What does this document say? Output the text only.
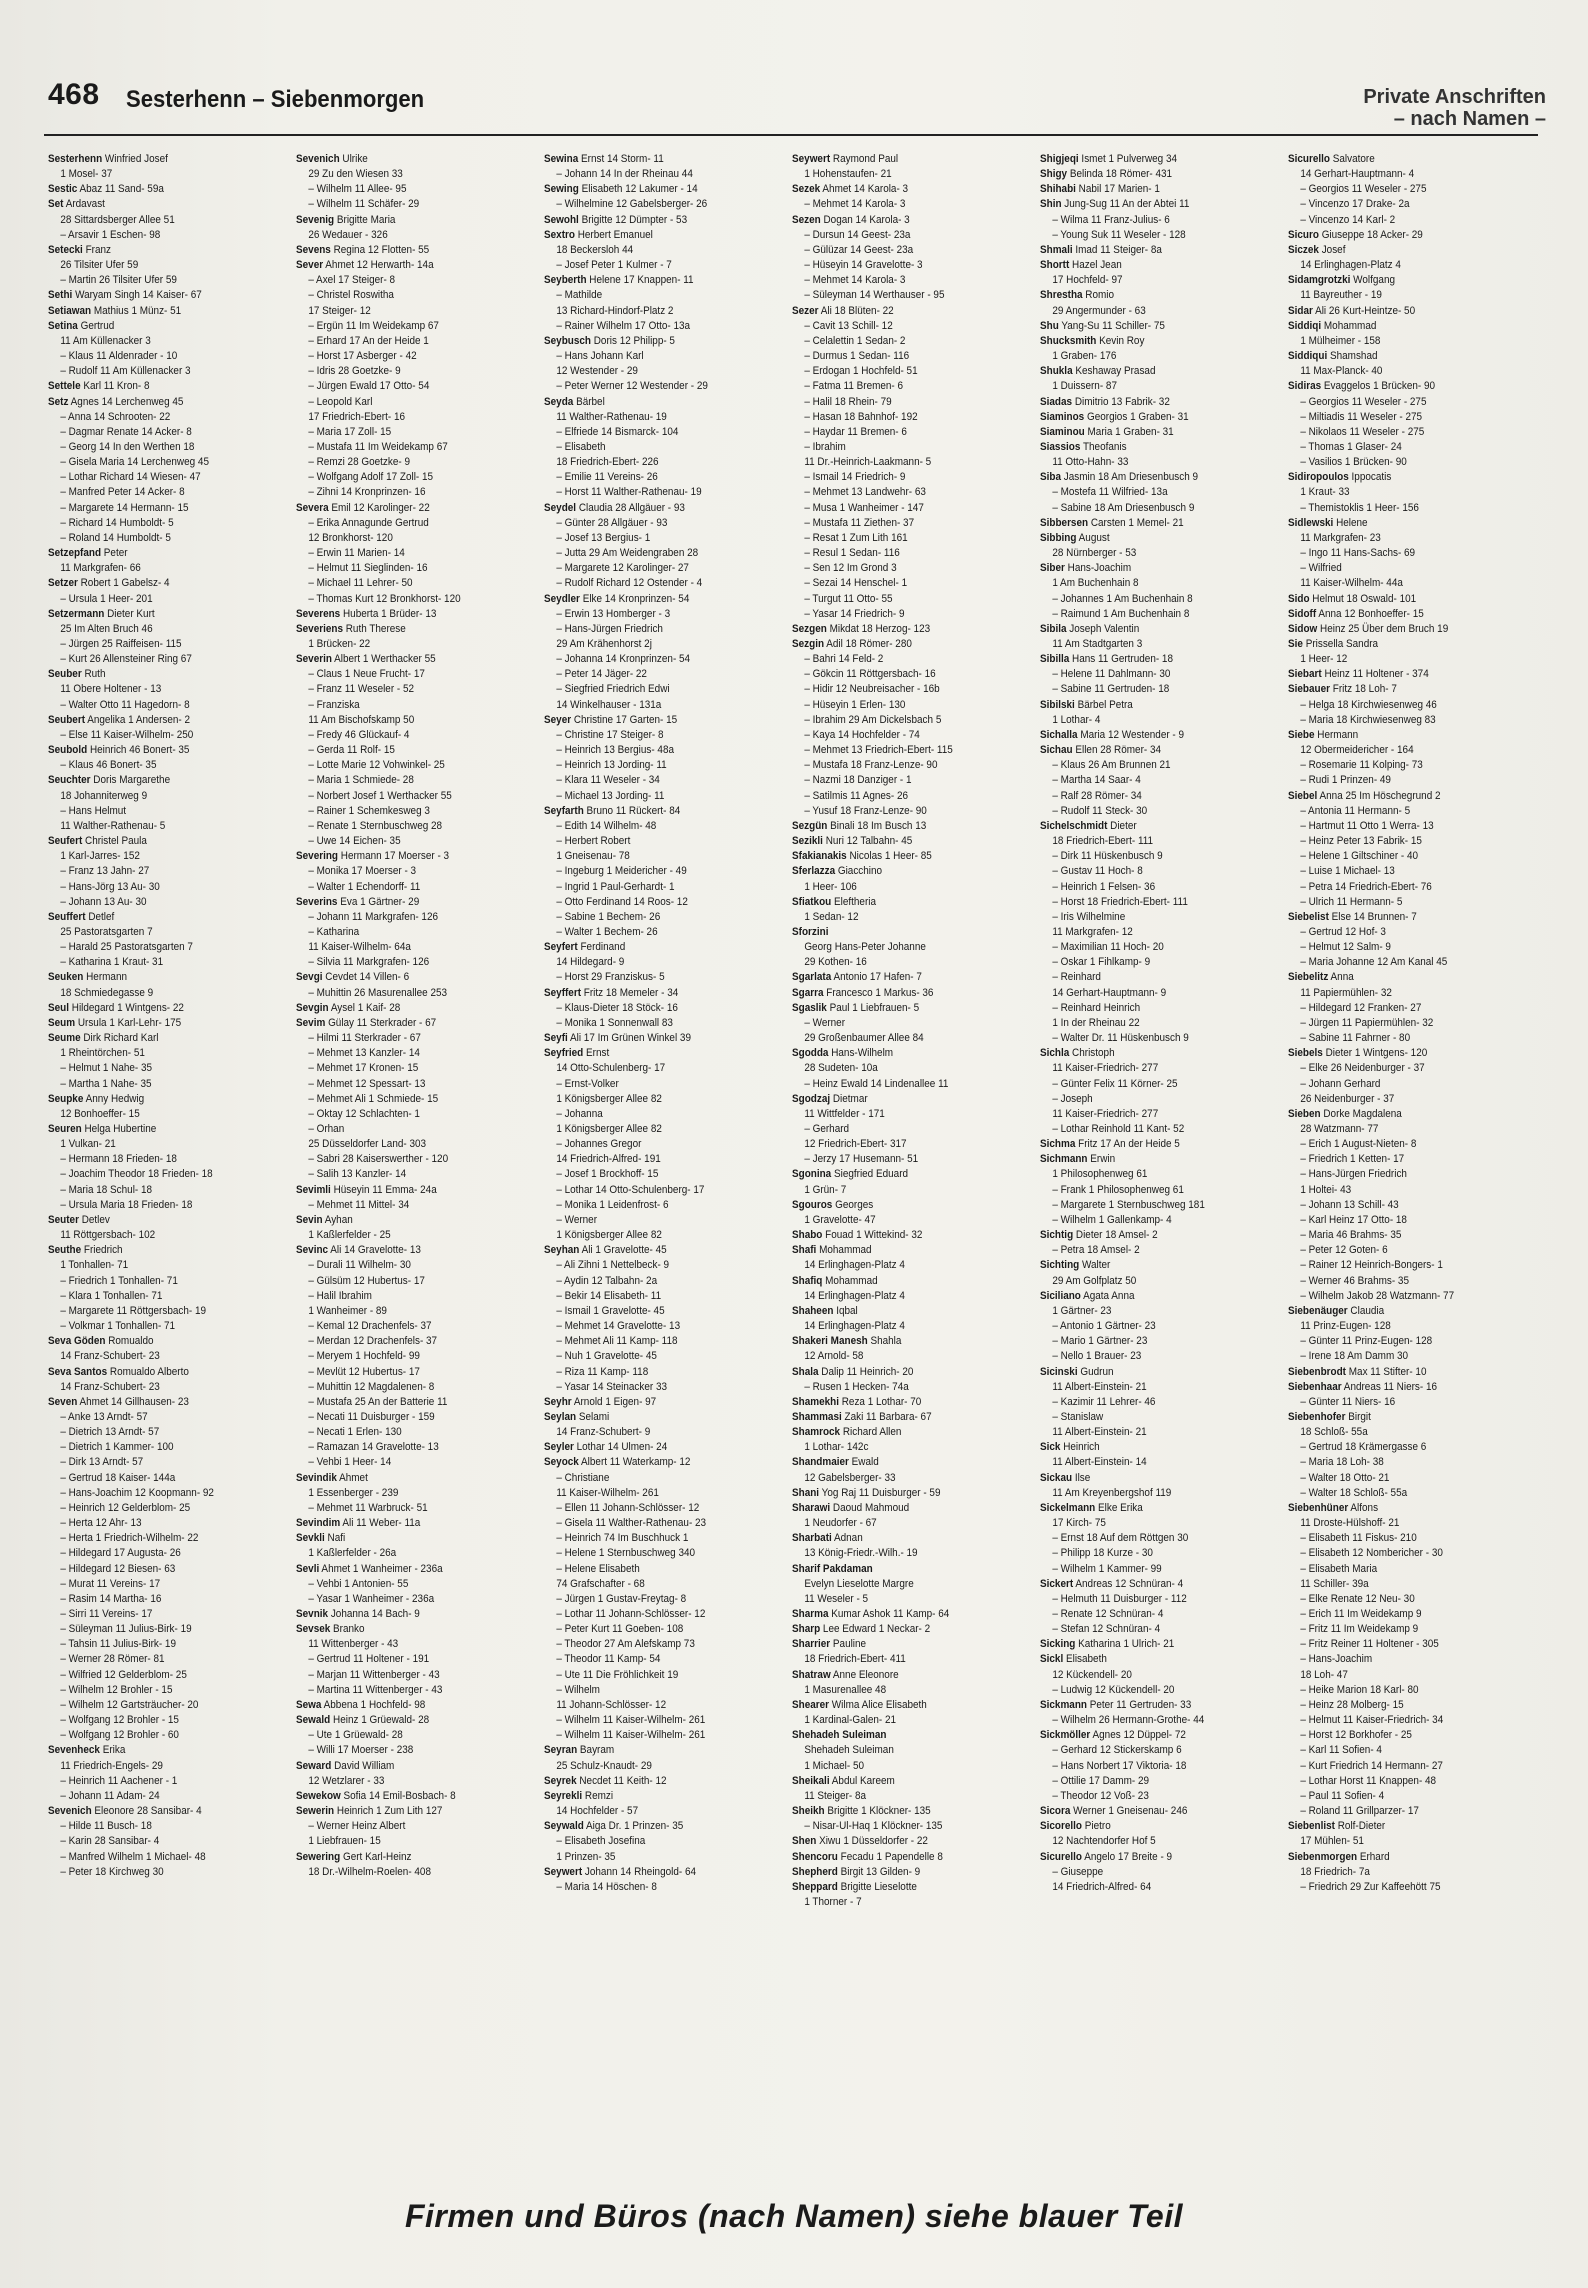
468 Sesterhenn – Siebenmorgen	Private Anschriften
– nach Namen –
Sesterhenn Winfried Josef
1 Mosel- 37
Sestic Abaz 11 Sand- 59a
Set Ardavast
28 Sittardsberger Allee 51
– Arsavir 1 Eschen- 98
Setecki Franz
26 Tilsiter Ufer 59
– Martin 26 Tilsiter Ufer 59
Sethi Waryam Singh 14 Kaiser- 67
Setiawan Mathius 1 Münz- 51
Setina Gertrud
11 Am Küllenacker 3
– Klaus 11 Aldenrader - 10
– Rudolf 11 Am Küllenacker 3
Settele Karl 11 Kron- 8
Setz Agnes 14 Lerchenweg 45
– Anna 14 Schrooten- 22
– Dagmar Renate 14 Acker- 8
– Georg 14 In den Werthen 18
– Gisela Maria 14 Lerchenweg 45
– Lothar Richard 14 Wiesen- 47
– Manfred Peter 14 Acker- 8
– Margarete 14 Hermann- 15
– Richard 14 Humboldt- 5
– Roland 14 Humboldt- 5
Setzepfand Peter
11 Markgrafen- 66
Setzer Robert 1 Gabelsz- 4
– Ursula 1 Heer- 201
Setzermann Dieter Kurt
25 Im Alten Bruch 46
– Jürgen 25 Raiffeisen- 115
– Kurt 26 Allensteiner Ring 67
Seuber Ruth
11 Obere Holtener - 13
– Walter Otto 11 Hagedorn- 8
Seubert Angelika 1 Andersen- 2
– Else 11 Kaiser-Wilhelm- 250
Seubold Heinrich 46 Bonert- 35
– Klaus 46 Bonert- 35
Seuchter Doris Margarethe
18 Johanniterweg 9
– Hans Helmut
11 Walther-Rathenau- 5
Seufert Christel Paula
1 Karl-Jarres- 152
– Franz 13 Jahn- 27
– Hans-Jörg 13 Au- 30
– Johann 13 Au- 30
Seuffert Detlef
25 Pastoratsgarten 7
– Harald 25 Pastoratsgarten 7
– Katharina 1 Kraut- 31
Seuken Hermann
18 Schmiedegasse 9
Seul Hildegard 1 Wintgens- 22
Seum Ursula 1 Karl-Lehr- 175
Seume Dirk Richard Karl
1 Rheintörchen- 51
– Helmut 1 Nahe- 35
– Martha 1 Nahe- 35
Seupke Anny Hedwig
12 Bonhoeffer- 15
Seuren Helga Hubertine
1 Vulkan- 21
– Hermann 18 Frieden- 18
– Joachim Theodor 18 Frieden- 18
– Maria 18 Schul- 18
– Ursula Maria 18 Frieden- 18
Seuter Detlev
11 Röttgersbach- 102
Seuthe Friedrich
1 Tonhallen- 71
– Friedrich 1 Tonhallen- 71
– Klara 1 Tonhallen- 71
– Margarete 11 Röttgersbach- 19
– Volkmar 1 Tonhallen- 71
Seva Göden Romualdo
14 Franz-Schubert- 23
Seva Santos Romualdo Alberto
14 Franz-Schubert- 23
Seven Ahmet 14 Gillhausen- 23
– Anke 13 Arndt- 57
– Dietrich 13 Arndt- 57
– Dietrich 1 Kammer- 100
– Dirk 13 Arndt- 57
– Gertrud 18 Kaiser- 144a
– Hans-Joachim 12 Koopmann- 92
– Heinrich 12 Gelderblom- 25
– Herta 12 Ahr- 13
– Herta 1 Friedrich-Wilhelm- 22
– Hildegard 17 Augusta- 26
– Hildegard 12 Biesen- 63
– Murat 11 Vereins- 17
– Rasim 14 Martha- 16
– Sirri 11 Vereins- 17
– Süleyman 11 Julius-Birk- 19
– Tahsin 11 Julius-Birk- 19
– Werner 28 Römer- 81
– Wilfried 12 Gelderblom- 25
– Wilhelm 12 Brohler - 15
– Wilhelm 12 Gartsträucher- 20
– Wolfgang 12 Brohler - 15
– Wolfgang 12 Brohler - 60
Sevenheck Erika
11 Friedrich-Engels- 29
– Heinrich 11 Aachener - 1
– Johann 11 Adam- 24
Sevenich Eleonore 28 Sansibar- 4
– Hilde 11 Busch- 18
– Karin 28 Sansibar- 4
– Manfred Wilhelm 1 Michael- 48
– Peter 18 Kirchweg 30
Sevenich Ulrike
29 Zu den Wiesen 33
– Wilhelm 11 Allee- 95
– Wilhelm 11 Schäfer- 29
Sevenig Brigitte Maria
26 Wedauer - 326
Sevens Regina 12 Flotten- 55
Sever Ahmet 12 Herwarth- 14a
– Axel 17 Steiger- 8
– Christel Roswitha
17 Steiger- 12
– Ergün 11 Im Weidekamp 67
– Erhard 17 An der Heide 1
– Horst 17 Asberger - 42
– Idris 28 Goetzke- 9
– Jürgen Ewald 17 Otto- 54
– Leopold Karl
17 Friedrich-Ebert- 16
– Maria 17 Zoll- 15
– Mustafa 11 Im Weidekamp 67
– Remzi 28 Goetzke- 9
– Wolfgang Adolf 17 Zoll- 15
– Zihni 14 Kronprinzen- 16
Severa Emil 12 Karolinger- 22
– Erika Annagunde Gertrud
12 Bronkhorst- 120
– Erwin 11 Marien- 14
– Helmut 11 Sieglinden- 16
– Michael 11 Lehrer- 50
– Thomas Kurt 12 Bronkhorst- 120
Severens Huberta 1 Brüder- 13
Severiens Ruth Therese
1 Brücken- 22
Severin Albert 1 Werthacker 55
– Claus 1 Neue Frucht- 17
– Franz 11 Weseler - 52
– Franziska
11 Am Bischofskamp 50
– Fredy 46 Glückauf- 4
– Gerda 11 Rolf- 15
– Lotte Marie 12 Vohwinkel- 25
– Maria 1 Schmiede- 28
– Norbert Josef 1 Werthacker 55
– Rainer 1 Schemkesweg 3
– Renate 1 Sternbuschweg 28
– Uwe 14 Eichen- 35
Severing Hermann 17 Moerser - 3
– Monika 17 Moerser - 3
– Walter 1 Echendorff- 11
Severins Eva 1 Gärtner- 29
– Johann 11 Markgrafen- 126
– Katharina
11 Kaiser-Wilhelm- 64a
– Silvia 11 Markgrafen- 126
Sevgi Cevdet 14 Villen- 6
– Muhittin 26 Masurenallee 253
Sevgin Aysel 1 Kaif- 28
Sevim Gülay 11 Sterkrader - 67
– Hilmi 11 Sterkrader - 67
– Mehmet 13 Kanzler- 14
– Mehmet 17 Kronen- 15
– Mehmet 12 Spessart- 13
– Mehmet Ali 1 Schmiede- 15
– Oktay 12 Schlachten- 1
– Orhan
25 Düsseldorfer Land- 303
– Sabri 28 Kaiserswerther - 120
– Salih 13 Kanzler- 14
Sevimli Hüseyin 11 Emma- 24a
– Mehmet 11 Mittel- 34
Sevin Ayhan
1 Kaßlerfelder - 25
Sevinc Ali 14 Gravelotte- 13
– Durali 11 Wilhelm- 30
– Gülsüm 12 Hubertus- 17
– Halil Ibrahim
1 Wanheimer - 89
– Kemal 12 Drachenfels- 37
– Merdan 12 Drachenfels- 37
– Meryem 1 Hochfeld- 99
– Mevlüt 12 Hubertus- 17
– Muhittin 12 Magdalenen- 8
– Mustafa 25 An der Batterie 11
– Necati 11 Duisburger - 159
– Necati 1 Erlen- 130
– Ramazan 14 Gravelotte- 13
– Vehbi 1 Heer- 14
Sevindik Ahmet
1 Essenberger - 239
– Mehmet 11 Warbruck- 51
Sevindim Ali 11 Weber- 11a
Sevkli Nafi
1 Kaßlerfelder - 26a
Sevli Ahmet 1 Wanheimer - 236a
– Vehbi 1 Antonien- 55
– Yasar 1 Wanheimer - 236a
Sevnik Johanna 14 Bach- 9
Sevsek Branko
11 Wittenberger - 43
– Gertrud 11 Holtener - 191
– Marjan 11 Wittenberger - 43
– Martina 11 Wittenberger - 43
Sewa Abbena 1 Hochfeld- 98
Sewald Heinz 1 Grüewald- 28
– Ute 1 Grüewald- 28
– Willi 17 Moerser - 238
Seward David William
12 Wetzlarer - 33
Sewekow Sofia 14 Emil-Bosbach- 8
Sewerin Heinrich 1 Zum Lith 127
– Werner Heinz Albert
1 Liebfrauen- 15
Sewering Gert Karl-Heinz
18 Dr.-Wilhelm-Roelen- 408
Sewina Ernst 14 Storm- 11
– Johann 14 In der Rheinau 44
Sewing Elisabeth 12 Lakumer - 14
– Wilhelmine 12 Gabelsberger- 26
Sewohl Brigitte 12 Dümpter - 53
Sextro Herbert Emanuel
18 Beckersloh 44
– Josef Peter 1 Kulmer - 7
Seyberth Helene 17 Knappen- 11
– Mathilde
13 Richard-Hindorf-Platz 2
– Rainer Wilhelm 17 Otto- 13a
Seybusch Doris 12 Philipp- 5
– Hans Johann Karl
12 Westender - 29
– Peter Werner 12 Westender - 29
Seyda Bärbel
11 Walther-Rathenau- 19
– Elfriede 14 Bismarck- 104
– Elisabeth
18 Friedrich-Ebert- 226
– Emilie 11 Vereins- 26
– Horst 11 Walther-Rathenau- 19
Seydel Claudia 28 Allgäuer - 93
– Günter 28 Allgäuer - 93
– Josef 13 Bergius- 1
– Jutta 29 Am Weidengraben 28
– Margarete 12 Karolinger- 27
– Rudolf Richard 12 Ostender - 4
Seydler Elke 14 Kronprinzen- 54
– Erwin 13 Homberger - 3
– Hans-Jürgen Friedrich
29 Am Krähenhorst 2j
– Johanna 14 Kronprinzen- 54
– Peter 14 Jäger- 22
– Siegfried Friedrich Edwi
14 Winkelhauser - 131a
Seyer Christine 17 Garten- 15
– Christine 17 Steiger- 8
– Heinrich 13 Bergius- 48a
– Heinrich 13 Jording- 11
– Klara 11 Weseler - 34
– Michael 13 Jording- 11
Seyfarth Bruno 11 Rückert- 84
– Edith 14 Wilhelm- 48
– Herbert Robert
1 Gneisenau- 78
– Ingeburg 1 Meidericher - 49
– Ingrid 1 Paul-Gerhardt- 1
– Otto Ferdinand 14 Roos- 12
– Sabine 1 Bechem- 26
– Walter 1 Bechem- 26
Seyfert Ferdinand
14 Hildegard- 9
– Horst 29 Franziskus- 5
Seyffert Fritz 18 Memeler - 34
– Klaus-Dieter 18 Stöck- 16
– Monika 1 Sonnenwall 83
Seyfi Ali 17 Im Grünen Winkel 39
Seyfried Ernst
14 Otto-Schulenberg- 17
– Ernst-Volker
1 Königsberger Allee 82
– Johanna
1 Königsberger Allee 82
– Johannes Gregor
14 Friedrich-Alfred- 191
– Josef 1 Brockhoff- 15
– Lothar 14 Otto-Schulenberg- 17
– Monika 1 Leidenfrost- 6
– Werner
1 Königsberger Allee 82
Seyhan Ali 1 Gravelotte- 45
– Ali Zihni 1 Nettelbeck- 9
– Aydin 12 Talbahn- 2a
– Bekir 14 Elisabeth- 11
– Ismail 1 Gravelotte- 45
– Mehmet 14 Gravelotte- 13
– Mehmet Ali 11 Kamp- 118
– Nuh 1 Gravelotte- 45
– Riza 11 Kamp- 118
– Yasar 14 Steinacker 33
Seyhr Arnold 1 Eigen- 97
Seylan Selami
14 Franz-Schubert- 9
Seyler Lothar 14 Ulmen- 24
Seyock Albert 11 Waterkamp- 12
– Christiane
11 Kaiser-Wilhelm- 261
– Ellen 11 Johann-Schlösser- 12
– Gisela 11 Walther-Rathenau- 23
– Heinrich 74 Im Buschhuck 1
– Helene 1 Sternbuschweg 340
– Helene Elisabeth
74 Grafschafter - 68
– Jürgen 1 Gustav-Freytag- 8
– Lothar 11 Johann-Schlösser- 12
– Peter Kurt 11 Goeben- 108
– Theodor 27 Am Alefskamp 73
– Theodor 11 Kamp- 54
– Ute 11 Die Fröhlichkeit 19
– Wilhelm
11 Johann-Schlösser- 12
– Wilhelm 11 Kaiser-Wilhelm- 261
– Wilhelm 11 Kaiser-Wilhelm- 261
Seyran Bayram
25 Schulz-Knaudt- 29
Seyrek Necdet 11 Keith- 12
Seyrekli Remzi
14 Hochfelder - 57
Seywald Aiga Dr. 1 Prinzen- 35
– Elisabeth Josefina
1 Prinzen- 35
Seywert Johann 14 Rheingold- 64
– Maria 14 Höschen- 8
Seywert Raymond Paul
1 Hohenstaufen- 21
Sezek Ahmet 14 Karola- 3
– Mehmet 14 Karola- 3
Sezen Dogan 14 Karola- 3
– Dursun 14 Geest- 23a
– Gülüzar 14 Geest- 23a
– Hüseyin 14 Gravelotte- 3
– Mehmet 14 Karola- 3
– Süleyman 14 Werthauser - 95
Sezer Ali 18 Blüten- 22
– Cavit 13 Schill- 12
– Celalettin 1 Sedan- 2
– Durmus 1 Sedan- 116
– Erdogan 1 Hochfeld- 51
– Fatma 11 Bremen- 6
– Halil 18 Rhein- 79
– Hasan 18 Bahnhof- 192
– Haydar 11 Bremen- 6
– Ibrahim
11 Dr.-Heinrich-Laakmann- 5
– Ismail 14 Friedrich- 9
– Mehmet 13 Landwehr- 63
– Musa 1 Wanheimer - 147
– Mustafa 11 Ziethen- 37
– Resat 1 Zum Lith 161
– Resul 1 Sedan- 116
– Sen 12 Im Grond 3
– Sezai 14 Henschel- 1
– Turgut 11 Otto- 55
– Yasar 14 Friedrich- 9
Sezgen Mikdat 18 Herzog- 123
Sezgin Adil 18 Römer- 280
– Bahri 14 Feld- 2
– Gökcin 11 Röttgersbach- 16
– Hidir 12 Neubreisacher - 16b
– Hüseyin 1 Erlen- 130
– Ibrahim 29 Am Dickelsbach 5
– Kaya 14 Hochfelder - 74
– Mehmet 13 Friedrich-Ebert- 115
– Mustafa 18 Franz-Lenze- 90
– Nazmi 18 Danziger - 1
– Satilmis 11 Agnes- 26
– Yusuf 18 Franz-Lenze- 90
Sezgün Binali 18 Im Busch 13
Sezikli Nuri 12 Talbahn- 45
Sfakianakis Nicolas 1 Heer- 85
Sferlazza Giacchino
1 Heer- 106
Sfiatkou Eleftheria
1 Sedan- 12
Sforzini
Georg Hans-Peter Johanne
29 Kothen- 16
Sgarlata Antonio 17 Hafen- 7
Sgarra Francesco 1 Markus- 36
Sgaslik Paul 1 Liebfrauen- 5
– Werner
29 Großenbaumer Allee 84
Sgodda Hans-Wilhelm
28 Sudeten- 10a
– Heinz Ewald 14 Lindenallee 11
Sgodzaj Dietmar
11 Wittfelder - 171
– Gerhard
12 Friedrich-Ebert- 317
– Jerzy 17 Husemann- 51
Sgonina Siegfried Eduard
1 Grün- 7
Sgouros Georges
1 Gravelotte- 47
Shabo Fouad 1 Wittekind- 32
Shafi Mohammad
14 Erlinghagen-Platz 4
Shafiq Mohammad
14 Erlinghagen-Platz 4
Shaheen Iqbal
14 Erlinghagen-Platz 4
Shakeri Manesh Shahla
12 Arnold- 58
Shala Dalip 11 Heinrich- 20
– Rusen 1 Hecken- 74a
Shamekhi Reza 1 Lothar- 70
Shammasi Zaki 11 Barbara- 67
Shamrock Richard Allen
1 Lothar- 142c
Shandmaier Ewald
12 Gabelsberger- 33
Shani Yog Raj 11 Duisburger - 59
Sharawi Daoud Mahmoud
1 Neudorfer - 67
Sharbati Adnan
13 König-Friedr.-Wilh.- 19
Sharif Pakdaman
Evelyn Lieselotte Margre
11 Weseler - 5
Sharma Kumar Ashok 11 Kamp- 64
Sharp Lee Edward 1 Neckar- 2
Sharrier Pauline
18 Friedrich-Ebert- 411
Shatraw Anne Eleonore
1 Masurenallee 48
Shearer Wilma Alice Elisabeth
1 Kardinal-Galen- 21
Shehadeh Suleiman
Shehadeh Suleiman
1 Michael- 50
Sheikali Abdul Kareem
11 Steiger- 8a
Sheikh Brigitte 1 Klöckner- 135
– Nisar-Ul-Haq 1 Klöckner- 135
Shen Xiwu 1 Düsseldorfer - 22
Shencoru Fecadu 1 Papendelle 8
Shepherd Birgit 13 Gilden- 9
Sheppard Brigitte Lieselotte
1 Thorner - 7
Shigjeqi Ismet 1 Pulverweg 34
Shigy Belinda 18 Römer- 431
Shihabi Nabil 17 Marien- 1
Shin Jung-Sug 11 An der Abtei 11
– Wilma 11 Franz-Julius- 6
– Young Suk 11 Weseler - 128
Shmali Imad 11 Steiger- 8a
Shortt Hazel Jean
17 Hochfeld- 97
Shrestha Romio
29 Angermunder - 63
Shu Yang-Su 11 Schiller- 75
Shucksmith Kevin Roy
1 Graben- 176
Shukla Keshaway Prasad
1 Duissern- 87
Siadas Dimitrio 13 Fabrik- 32
Siaminos Georgios 1 Graben- 31
Siaminou Maria 1 Graben- 31
Siassios Theofanis
11 Otto-Hahn- 33
Siba Jasmin 18 Am Driesenbusch 9
– Mostefa 11 Wilfried- 13a
– Sabine 18 Am Driesenbusch 9
Sibbersen Carsten 1 Memel- 21
Sibbing August
28 Nürnberger - 53
Siber Hans-Joachim
1 Am Buchenhain 8
– Johannes 1 Am Buchenhain 8
– Raimund 1 Am Buchenhain 8
Sibila Joseph Valentin
11 Am Stadtgarten 3
Sibilla Hans 11 Gertruden- 18
– Helene 11 Dahlmann- 30
– Sabine 11 Gertruden- 18
Sibilski Bärbel Petra
1 Lothar- 4
Sichalla Maria 12 Westender - 9
Sichau Ellen 28 Römer- 34
– Klaus 26 Am Brunnen 21
– Martha 14 Saar- 4
– Ralf 28 Römer- 34
– Rudolf 11 Steck- 30
Sichelschmidt Dieter
18 Friedrich-Ebert- 111
– Dirk 11 Hüskenbusch 9
– Gustav 11 Hoch- 8
– Heinrich 1 Felsen- 36
– Horst 18 Friedrich-Ebert- 111
– Iris Wilhelmine
11 Markgrafen- 12
– Maximilian 11 Hoch- 20
– Oskar 1 Fihlkamp- 9
– Reinhard
14 Gerhart-Hauptmann- 9
– Reinhard Heinrich
1 In der Rheinau 22
– Walter Dr. 11 Hüskenbusch 9
Sichla Christoph
11 Kaiser-Friedrich- 277
– Günter Felix 11 Körner- 25
– Joseph
11 Kaiser-Friedrich- 277
– Lothar Reinhold 11 Kant- 52
Sichma Fritz 17 An der Heide 5
Sichmann Erwin
1 Philosophenweg 61
– Frank 1 Philosophenweg 61
– Margarete 1 Sternbuschweg 181
– Wilhelm 1 Gallenkamp- 4
Sichtig Dieter 18 Amsel- 2
– Petra 18 Amsel- 2
Sichting Walter
29 Am Golfplatz 50
Siciliano Agata Anna
1 Gärtner- 23
– Antonio 1 Gärtner- 23
– Mario 1 Gärtner- 23
– Nello 1 Brauer- 23
Sicinski Gudrun
11 Albert-Einstein- 21
– Kazimir 11 Lehrer- 46
– Stanislaw
11 Albert-Einstein- 21
Sick Heinrich
11 Albert-Einstein- 14
Sickau Ilse
11 Am Kreyenbergshof 119
Sickelmann Elke Erika
17 Kirch- 75
– Ernst 18 Auf dem Röttgen 30
– Philipp 18 Kurze - 30
– Wilhelm 1 Kammer- 99
Sickert Andreas 12 Schnüran- 4
– Helmuth 11 Duisburger - 112
– Renate 12 Schnüran- 4
– Stefan 12 Schnüran- 4
Sicking Katharina 1 Ulrich- 21
Sickl Elisabeth
12 Kückendell- 20
– Ludwig 12 Kückendell- 20
Sickmann Peter 11 Gertruden- 33
– Wilhelm 26 Hermann-Grothe- 44
Sickmöller Agnes 12 Düppel- 72
– Gerhard 12 Stickerskamp 6
– Hans Norbert 17 Viktoria- 18
– Ottilie 17 Damm- 29
– Theodor 12 Voß- 23
Sicora Werner 1 Gneisenau- 246
Sicorello Pietro
12 Nachtendorfer Hof 5
Sicurello Angelo 17 Breite - 9
– Giuseppe
14 Friedrich-Alfred- 64
Sicurello Salvatore
14 Gerhart-Hauptmann- 4
– Georgios 11 Weseler - 275
– Vincenzo 17 Drake- 2a
– Vincenzo 14 Karl- 2
Sicuro Giuseppe 18 Acker- 29
Siczek Josef
14 Erlinghagen-Platz 4
Sidamgrotzki Wolfgang
11 Bayreuther - 19
Sidar Ali 26 Kurt-Heintze- 50
Siddiqi Mohammad
1 Mülheimer - 158
Siddiqui Shamshad
11 Max-Planck- 40
Sidiras Evaggelos 1 Brücken- 90
– Georgios 11 Weseler - 275
– Miltiadis 11 Weseler - 275
– Nikolaos 11 Weseler - 275
– Thomas 1 Glaser- 24
– Vasilios 1 Brücken- 90
Sidiropoulos Ippocatis
1 Kraut- 33
– Themistoklis 1 Heer- 156
Sidlewski Helene
11 Markgrafen- 23
– Ingo 11 Hans-Sachs- 69
– Wilfried
11 Kaiser-Wilhelm- 44a
Sido Helmut 18 Oswald- 101
Sidoff Anna 12 Bonhoeffer- 15
Sidow Heinz 25 Über dem Bruch 19
Sie Prissella Sandra
1 Heer- 12
Siebart Heinz 11 Holtener - 374
Siebauer Fritz 18 Loh- 7
– Helga 18 Kirchwiesenweg 46
– Maria 18 Kirchwiesenweg 83
Siebe Hermann
12 Obermeidericher - 164
– Rosemarie 11 Kolping- 73
– Rudi 1 Prinzen- 49
Siebel Anna 25 Im Höschegrund 2
– Antonia 11 Hermann- 5
– Hartmut 11 Otto 1 Werra- 13
– Heinz Peter 13 Fabrik- 15
– Helene 1 Giltschiner - 40
– Luise 1 Michael- 13
– Petra 14 Friedrich-Ebert- 76
– Ulrich 11 Hermann- 5
Siebelist Else 14 Brunnen- 7
– Gertrud 12 Hof- 3
– Helmut 12 Salm- 9
– Maria Johanne 12 Am Kanal 45
Siebelitz Anna
11 Papiermühlen- 32
– Hildegard 12 Franken- 27
– Jürgen 11 Papiermühlen- 32
– Sabine 11 Fahrner - 80
Siebels Dieter 1 Wintgens- 120
– Elke 26 Neidenburger - 37
– Johann Gerhard
26 Neidenburger - 37
Sieben Dorke Magdalena
28 Watzmann- 77
– Erich 1 August-Nieten- 8
– Friedrich 1 Ketten- 17
– Hans-Jürgen Friedrich
1 Holtei- 43
– Johann 13 Schill- 43
– Karl Heinz 17 Otto- 18
– Maria 46 Brahms- 35
– Peter 12 Goten- 6
– Rainer 12 Heinrich-Bongers- 1
– Werner 46 Brahms- 35
– Wilhelm Jakob 28 Watzmann- 77
Siebenäuger Claudia
11 Prinz-Eugen- 128
– Günter 11 Prinz-Eugen- 128
– Irene 18 Am Damm 30
Siebenbrodt Max 11 Stifter- 10
Siebenhaar Andreas 11 Niers- 16
– Günter 11 Niers- 16
Siebenhofer Birgit
18 Schloß- 55a
– Gertrud 18 Krämergasse 6
– Maria 18 Loh- 38
– Walter 18 Otto- 21
– Walter 18 Schloß- 55a
Siebenhüner Alfons
11 Droste-Hülshoff- 21
– Elisabeth 11 Fiskus- 210
– Elisabeth 12 Nombericher - 30
– Elisabeth Maria
11 Schiller- 39a
– Elke Renate 12 Neu- 30
– Erich 11 Im Weidekamp 9
– Fritz 11 Im Weidekamp 9
– Fritz Reiner 11 Holtener - 305
– Hans-Joachim
18 Loh- 47
– Heike Marion 18 Karl- 80
– Heinz 28 Molberg- 15
– Helmut 11 Kaiser-Friedrich- 34
– Horst 12 Borkhofer - 25
– Karl 11 Sofien- 4
– Kurt Friedrich 14 Hermann- 27
– Lothar Horst 11 Knappen- 48
– Paul 11 Sofien- 4
– Roland 11 Grillparzer- 17
Siebenlist Rolf-Dieter
17 Mühlen- 51
Siebenmorgen Erhard
18 Friedrich- 7a
– Friedrich 29 Zur Kaffeehött 75
Firmen und Büros (nach Namen) siehe blauer Teil
